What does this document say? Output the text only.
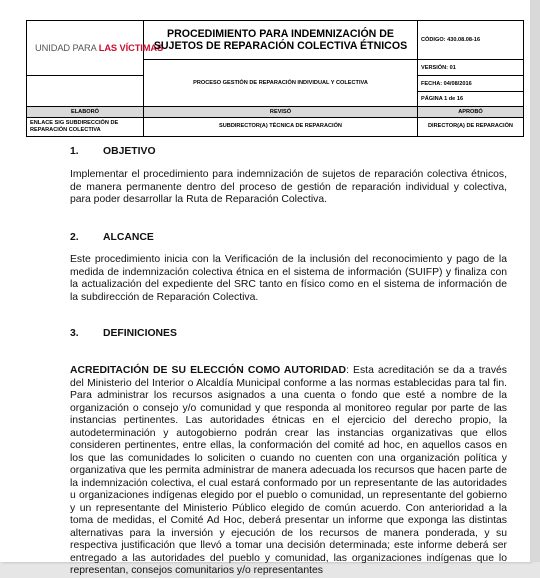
UNIDAD PARA LAS VÍCTIMAS	PROCEDIMIENTO PARA INDEMNIZACIÓN DE SUJETOS DE REPARACIÓN COLECTIVA ÉTNICOS	CÓDIGO: 430.08.08-16
	PROCESO GESTIÓN DE REPARACIÓN INDIVIDUAL Y COLECTIVA	VERSIÓN: 01
		FECHA: 04/08/2016
		PÁGINA 1 de 16
ELABORÓ	REVISÓ	APROBÓ
ENLACE SIG SUBDIRECCIÓN DE REPARACIÓN COLECTIVA	SUBDIRECTOR(A) TÉCNICA DE REPARACIÓN	DIRECTOR(A) DE REPARACIÓN
1. OBJETIVO
Implementar el procedimiento para indemnización de sujetos de reparación colectiva étnicos, de manera permanente dentro del proceso de gestión de reparación individual y colectiva, para poder desarrollar la Ruta de Reparación Colectiva.
2. ALCANCE
Este procedimiento inicia con la Verificación de la inclusión del reconocimiento y pago de la medida de indemnización colectiva étnica en el sistema de información (SUIFP) y finaliza con la actualización del expediente del SRC tanto en físico como en el sistema de información de la subdirección de Reparación Colectiva.
3. DEFINICIONES
ACREDITACIÓN DE SU ELECCIÓN COMO AUTORIDAD: Esta acreditación se da a través del Ministerio del Interior o Alcaldía Municipal conforme a las normas establecidas para tal fin. Para administrar los recursos asignados a una cuenta o fondo que esté a nombre de la organización o consejo y/o comunidad y que responda al monitoreo regular por parte de las instancias pertinentes. Las autoridades étnicas en el ejercicio del derecho propio, la autodeterminación y autogobierno podrán crear las instancias organizativas que ellos consideren pertinentes, entre ellas, la conformación del comité ad hoc, en aquellos casos en los que las comunidades lo soliciten o cuando no cuenten con una organización política y organizativa que les permita administrar de manera adecuada los recursos que hacen parte de la indemnización colectiva, el cual estará conformado por un representante de las autoridades u organizaciones indígenas elegido por el pueblo o comunidad, un representante del gobierno y un representante del Ministerio Público elegido de común acuerdo. Con anterioridad a la toma de medidas, el Comité Ad Hoc, deberá presentar un informe que exponga las distintas alternativas para la inversión y ejecución de los recursos de manera ponderada, y su respectiva justificación que llevó a tomar una decisión determinada; este informe deberá ser entregado a las autoridades del pueblo y comunidad, las organizaciones indígenas que lo representan, consejos comunitarios y/o representantes
